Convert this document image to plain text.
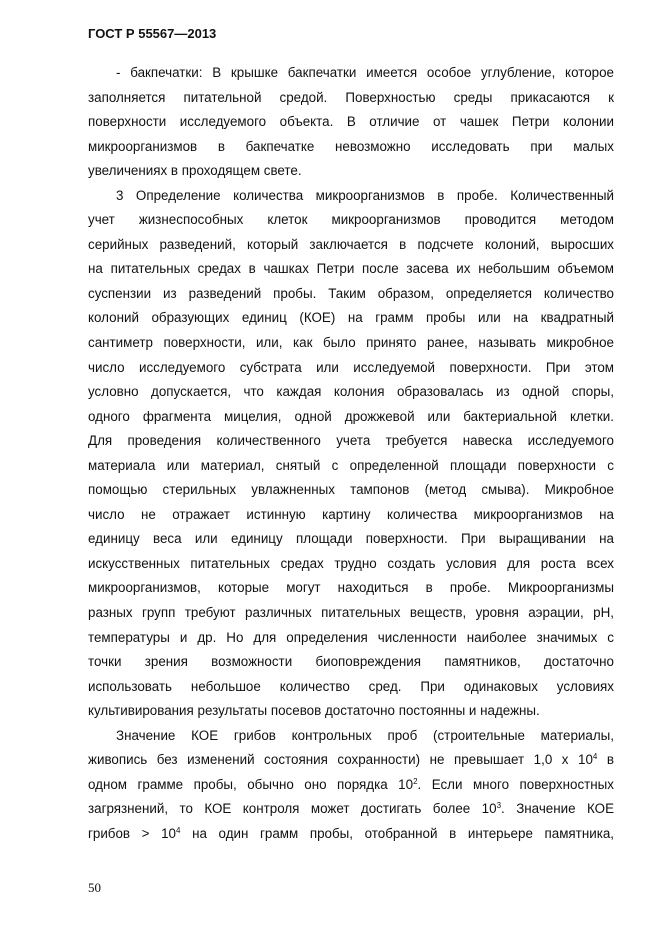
ГОСТ Р 55567—2013
- бакпечатки: В крышке бакпечатки имеется особое углубление, которое
заполняется питательной средой. Поверхностью среды прикасаются к
поверхности исследуемого объекта. В отличие от чашек Петри колонии
микроорганизмов в бакпечатке невозможно исследовать при малых
увеличениях в проходящем свете.
3 Определение количества микроорганизмов в пробе. Количественный
учет жизнеспособных клеток микроорганизмов проводится методом
серийных разведений, который заключается в подсчете колоний, выросших
на питательных средах в чашках Петри после засева их небольшим объемом
суспензии из разведений пробы. Таким образом, определяется количество
колоний образующих единиц (КОЕ) на грамм пробы или на квадратный
сантиметр поверхности, или, как было принято ранее, называть микробное
число исследуемого субстрата или исследуемой поверхности. При этом
условно допускается, что каждая колония образовалась из одной споры,
одного фрагмента мицелия, одной дрожжевой или бактериальной клетки.
Для проведения количественного учета требуется навеска исследуемого
материала или материал, снятый с определенной площади поверхности с
помощью стерильных увлажненных тампонов (метод смыва). Микробное
число не отражает истинную картину количества микроорганизмов на
единицу веса или единицу площади поверхности. При выращивании на
искусственных питательных средах трудно создать условия для роста всех
микроорганизмов, которые могут находиться в пробе. Микроорганизмы
разных групп требуют различных питательных веществ, уровня аэрации, pH,
температуры и др. Но для определения численности наиболее значимых с
точки зрения возможности биоповреждения памятников, достаточно
использовать небольшое количество сред. При одинаковых условиях
культивирования результаты посевов достаточно постоянны и надежны.
Значение КОЕ грибов контрольных проб (строительные материалы,
живопись без изменений состояния сохранности) не превышает 1,0 х $10^4$ в
одном грамме пробы, обычно оно порядка $10^2$. Если много поверхностных
загрязнений, то КОЕ контроля может достигать более $10^3$. Значение КОЕ
грибов > $10^4$ на один грамм пробы, отобранной в интерьере памятника,
50
